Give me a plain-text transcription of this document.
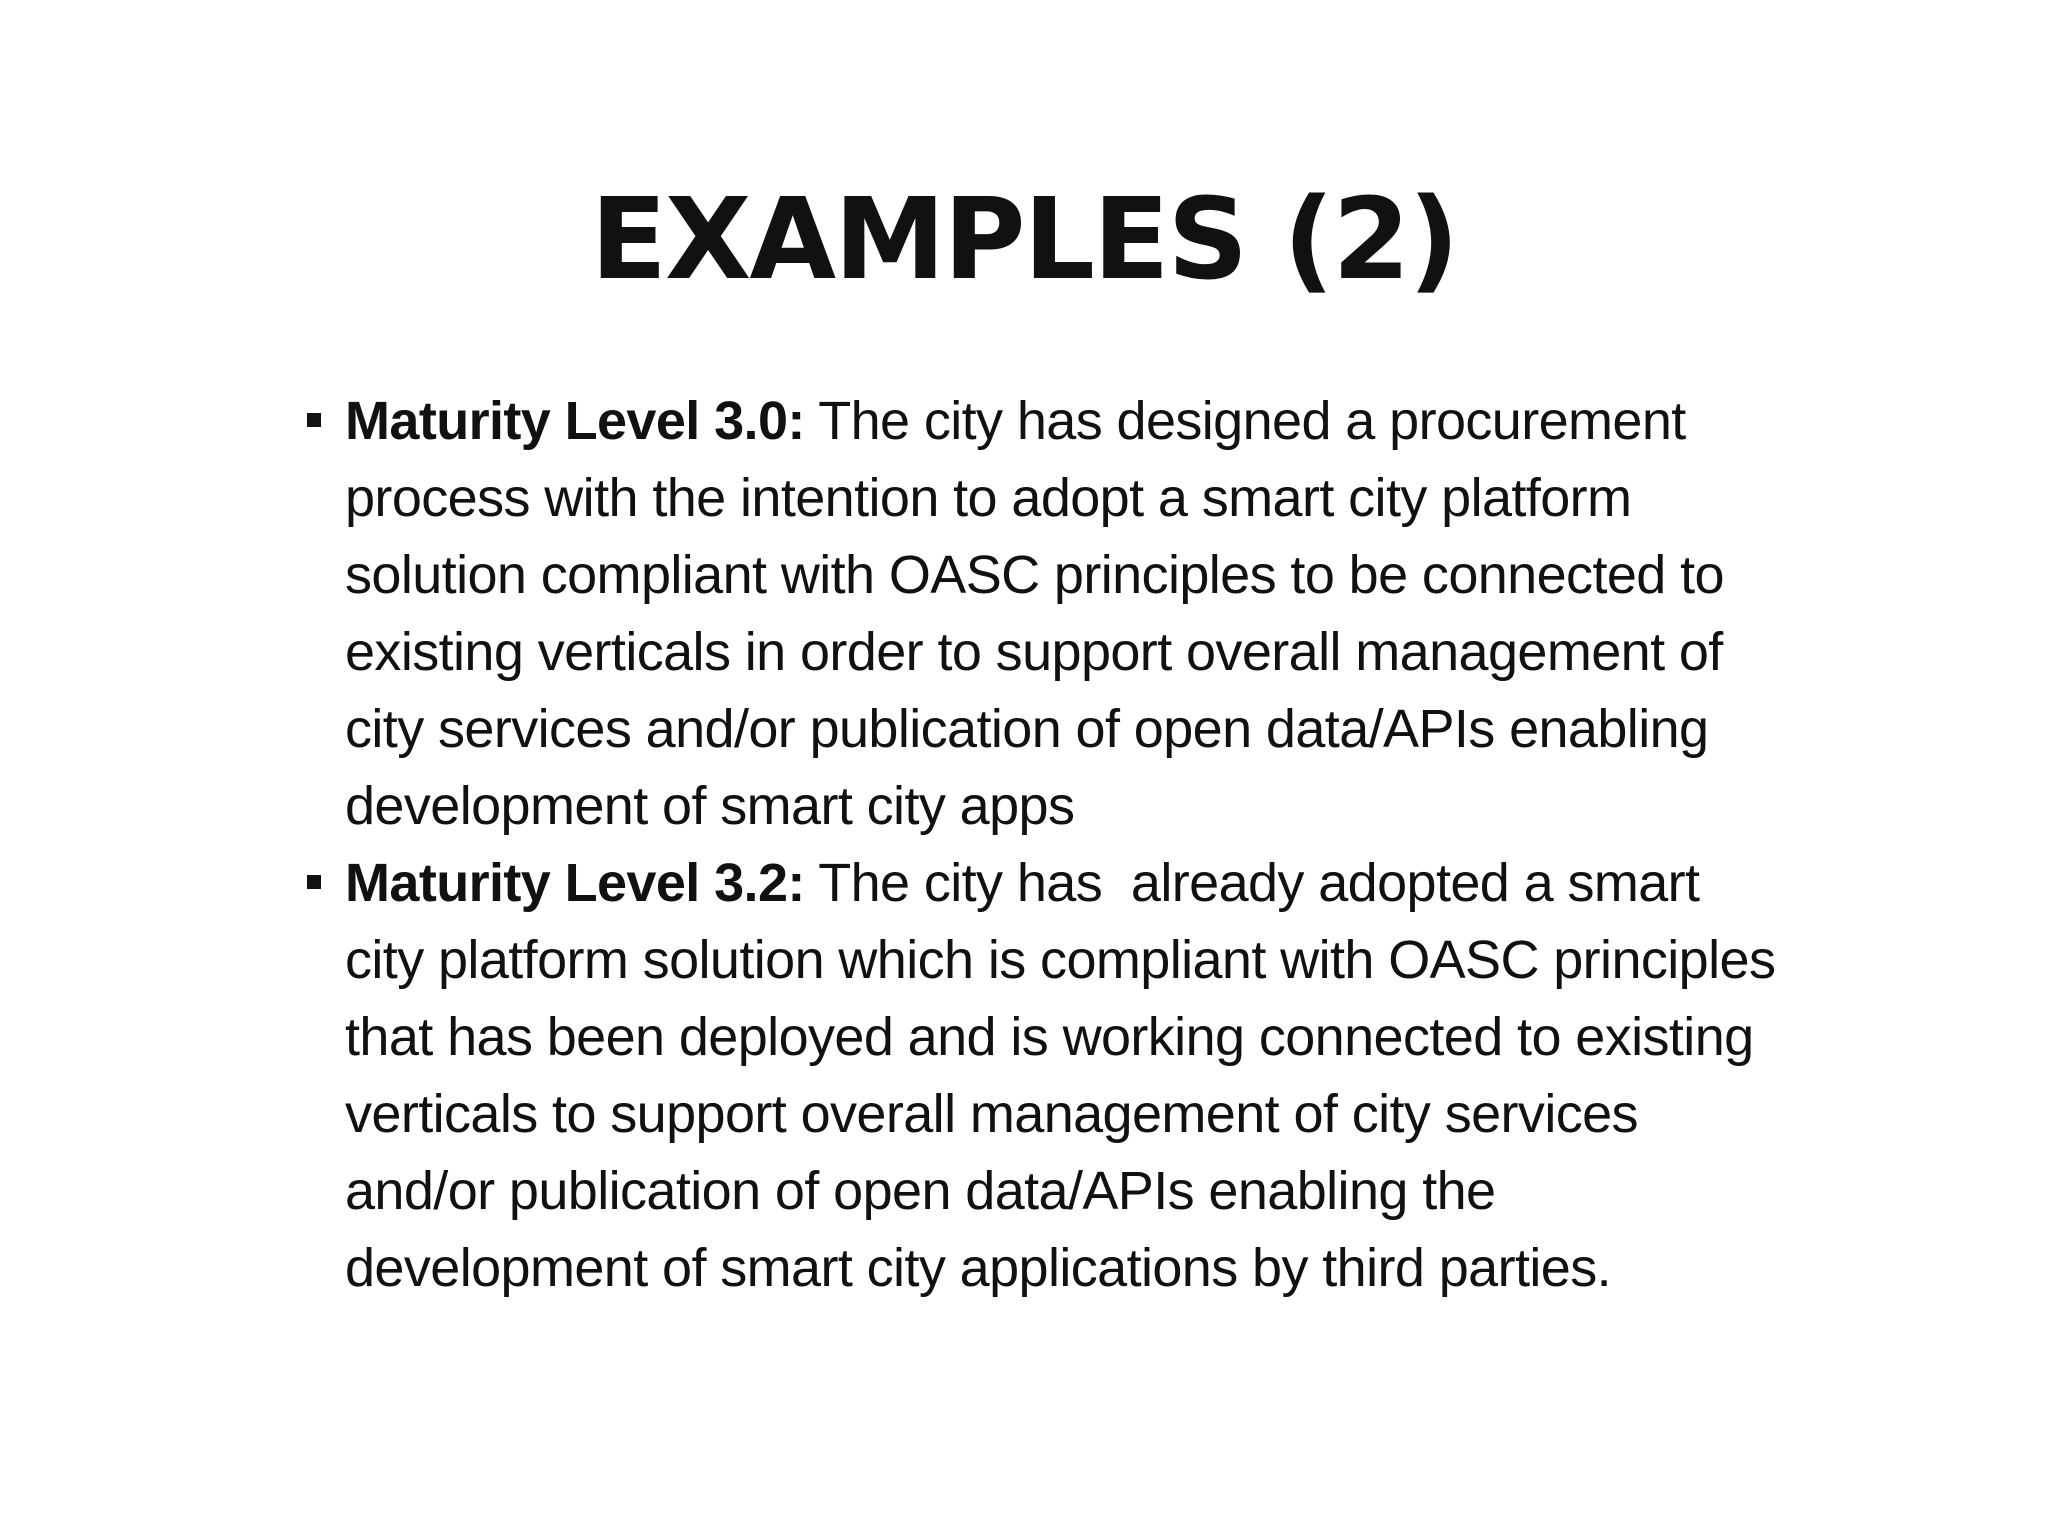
EXAMPLES (2)
Maturity Level 3.0: The city has designed a procurement process with the intention to adopt a smart city platform solution compliant with OASC principles to be connected to existing verticals in order to support overall management of city services and/or publication of open data/APIs enabling development of smart city apps
Maturity Level 3.2: The city has  already adopted a smart city platform solution which is compliant with OASC principles that has been deployed and is working connected to existing verticals to support overall management of city services and/or publication of open data/APIs enabling the development of smart city applications by third parties.
